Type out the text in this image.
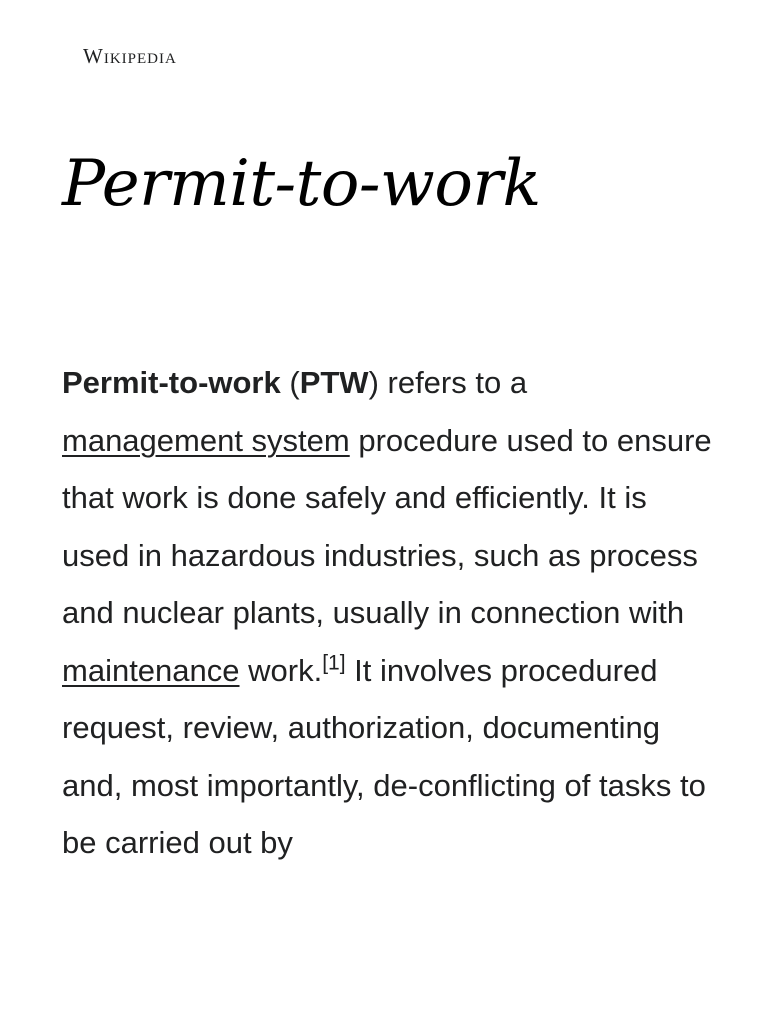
Wikipedia
Permit-to-work

Permit-to-work (PTW) refers to a management system procedure used to ensure that work is done safely and efficiently. It is used in hazardous industries, such as process and nuclear plants, usually in connection with maintenance work.[1] It involves procedured request, review, authorization, documenting and, most importantly, de-conflicting of tasks to be carried out by
